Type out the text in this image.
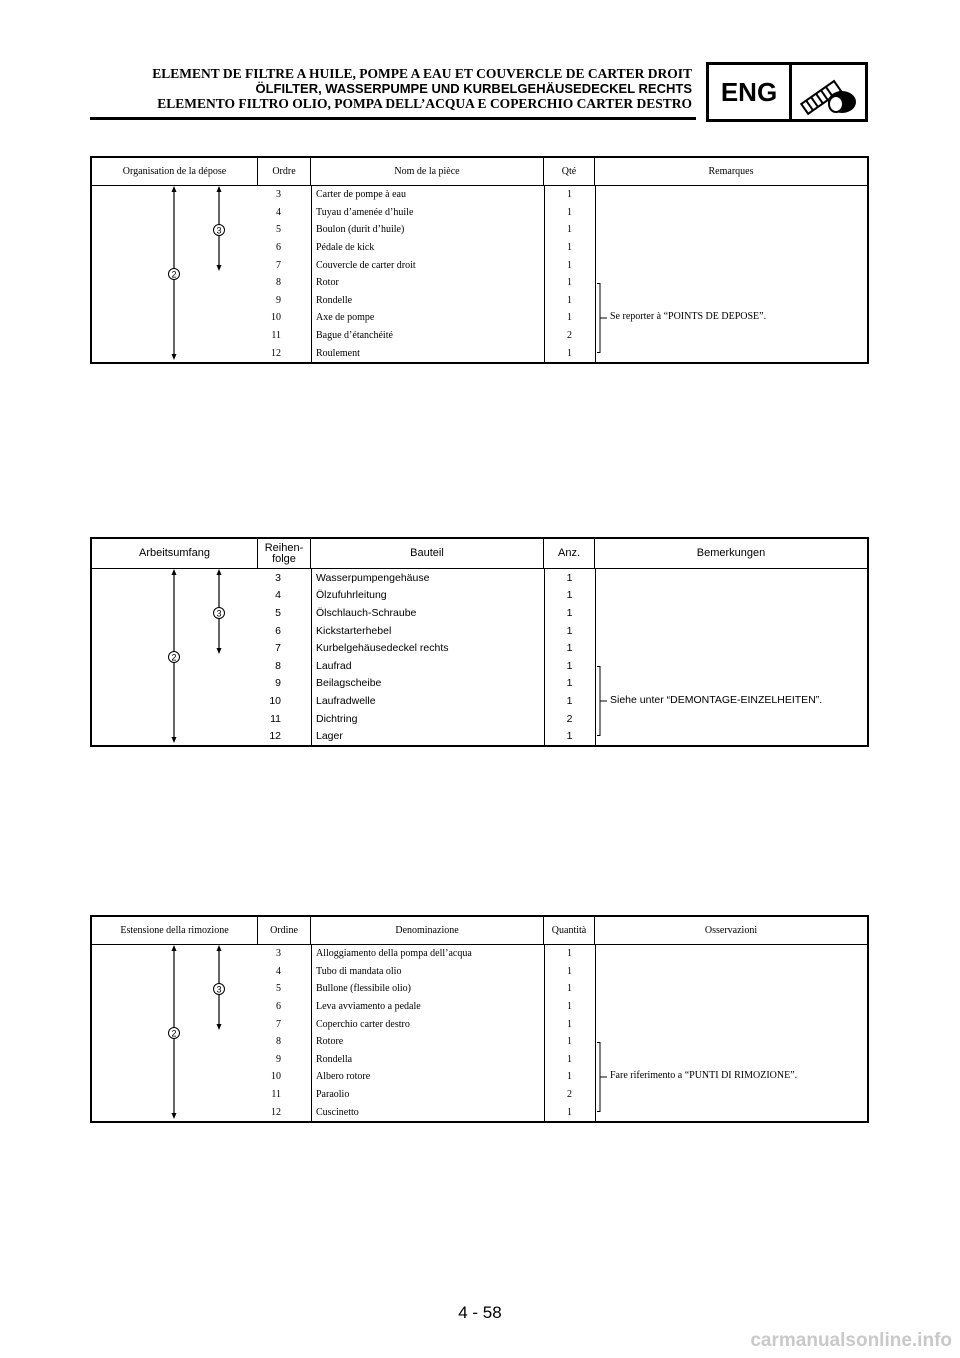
ELEMENT DE FILTRE A HUILE, POMPE A EAU ET COUVERCLE DE CARTER DROIT
ÖLFILTER, WASSERPUMPE UND KURBELGEHÄUSEDECKEL RECHTS
ELEMENTO FILTRO OLIO, POMPA DELL’ACQUA E COPERCHIO CARTER DESTRO	ENG
Organisation de la dépose	Ordre	Nom de la pièce	Qté	Remarques
2
3
3	Carter de pompe à eau	1
4	Tuyau d’amenée d’huile	1
5	Boulon (durit d’huile)	1
6	Pédale de kick	1
7	Couvercle de carter droit	1
8	Rotor	1
9	Rondelle	1
10	Axe de pompe	1
11	Bague d’étanchéité	2
12	Roulement	1
Se reporter à “POINTS DE DEPOSE”.
Arbeitsumfang	Reihen-
folge	Bauteil	Anz.	Bemerkungen
2
3
3	Wasserpumpengehäuse	1
4	Ölzufuhrleitung	1
5	Ölschlauch-Schraube	1
6	Kickstarterhebel	1
7	Kurbelgehäusedeckel rechts	1
8	Laufrad	1
9	Beilagscheibe	1
10	Laufradwelle	1
11	Dichtring	2
12	Lager	1
Siehe unter “DEMONTAGE-EINZELHEITEN”.
Estensione della rimozione	Ordine	Denominazione	Quantità	Osservazioni
2
3
3	Alloggiamento della pompa dell’acqua	1
4	Tubo di mandata olio	1
5	Bullone (flessibile olio)	1
6	Leva avviamento a pedale	1
7	Coperchio carter destro	1
8	Rotore	1
9	Rondella	1
10	Albero rotore	1
11	Paraolio	2
12	Cuscinetto	1
Fare riferimento a “PUNTI DI RIMOZIONE”.
4 - 58
carmanualsonline.info
